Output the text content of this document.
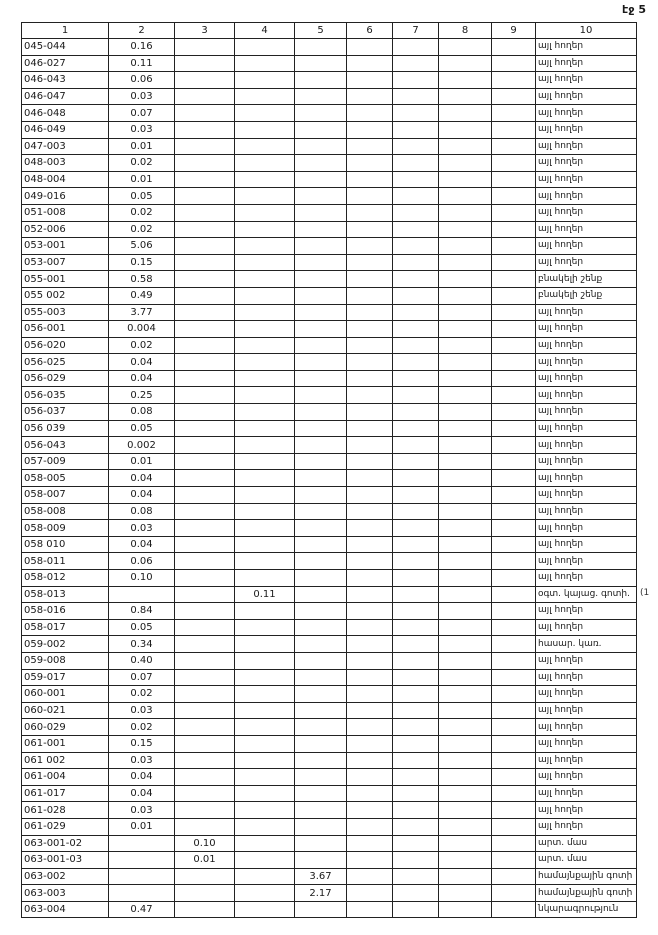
էջ 5
1	2	3	4	5	6	7	8	9	10
045-044	0.16								այլ հողեր
046-027	0.11								այլ հողեր
046-043	0.06								այլ հողեր
046-047	0.03								այլ հողեր
046-048	0.07								այլ հողեր
046-049	0.03								այլ հողեր
047-003	0.01								այլ հողեր
048-003	0.02								այլ հողեր
048-004	0.01								այլ հողեր
049-016	0.05								այլ հողեր
051-008	0.02								այլ հողեր
052-006	0.02								այլ հողեր
053-001	5.06								այլ հողեր
053-007	0.15								այլ հողեր
055-001	0.58								բնակելի շենք
055 002	0.49								բնակելի շենք
055-003	3.77								այլ հողեր
056-001	0.004								այլ հողեր
056-020	0.02								այլ հողեր
056-025	0.04								այլ հողեր
056-029	0.04								այլ հողեր
056-035	0.25								այլ հողեր
056-037	0.08								այլ հողեր
056 039	0.05								այլ հողեր
056-043	0.002								այլ հողեր
057-009	0.01								այլ հողեր
058-005	0.04								այլ հողեր
058-007	0.04								այլ հողեր
058-008	0.08								այլ հողեր
058-009	0.03								այլ հողեր
058 010	0.04								այլ հողեր
058-011	0.06								այլ հողեր
058-012	0.10								այլ հողեր
058-013			0.11						օգտ. կայաց. գոտի.
058-016	0.84								այլ հողեր
058-017	0.05								այլ հողեր
059-002	0.34								հասար. կառ.
059-008	0.40								այլ հողեր
059-017	0.07								այլ հողեր
060-001	0.02								այլ հողեր
060-021	0.03								այլ հողեր
060-029	0.02								այլ հողեր
061-001	0.15								այլ հողեր
061 002	0.03								այլ հողեր
061-004	0.04								այլ հողեր
061-017	0.04								այլ հողեր
061-028	0.03								այլ հողեր
061-029	0.01								այլ հողեր
063-001-02		0.10							արտ. մաս
063-001-03		0.01							արտ. մաս
063-002				3.67					համայնքային գոտի
063-003				2.17					համայնքային գոտի
063-004	0.47								նկարագրություն
(1
